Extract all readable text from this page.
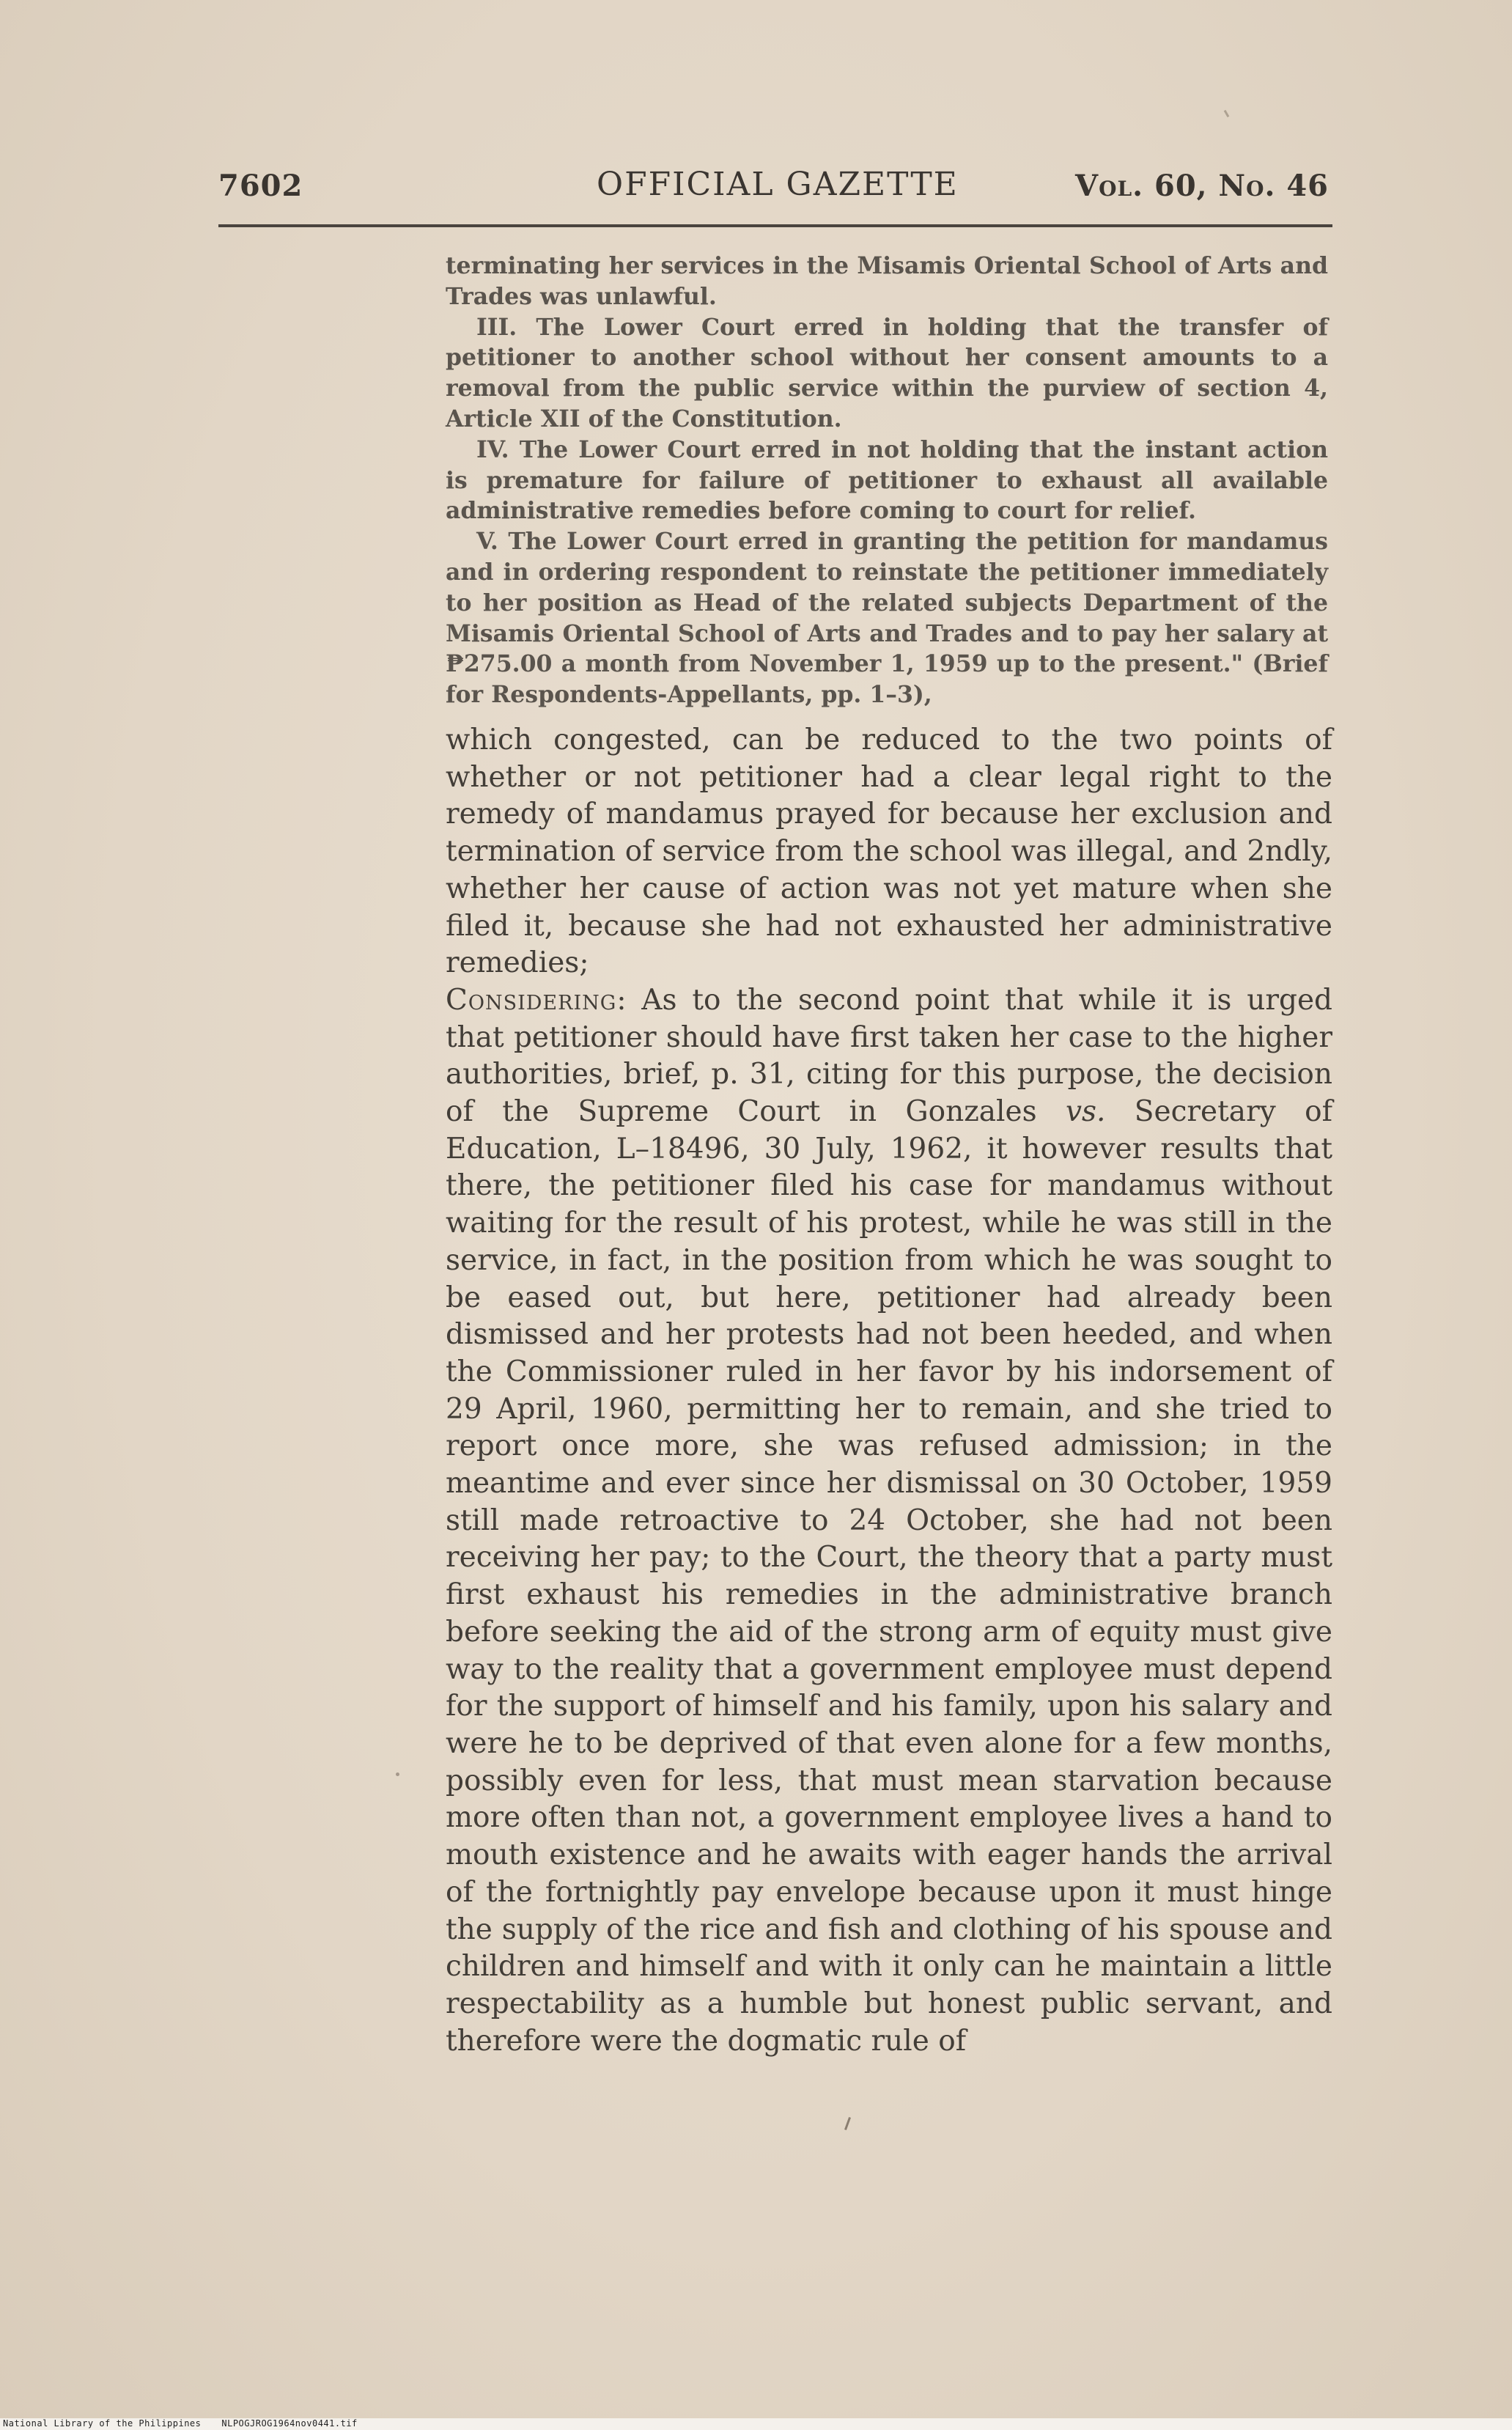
7602	OFFICIAL GAZETTE	Vol. 60, No. 46

terminating her services in the Misamis Oriental School of Arts and Trades was unlawful.

III. The Lower Court erred in holding that the transfer of petitioner to another school without her consent amounts to a removal from the public service within the purview of section 4, Article XII of the Constitution.

IV. The Lower Court erred in not holding that the instant action is premature for failure of petitioner to exhaust all available administrative remedies before coming to court for relief.

V. The Lower Court erred in granting the petition for mandamus and in ordering respondent to reinstate the petitioner immediately to her position as Head of the related subjects Department of the Misamis Oriental School of Arts and Trades and to pay her salary at ₱275.00 a month from November 1, 1959 up to the present." (Brief for Respondents-Appellants, pp. 1–3),

which congested, can be reduced to the two points of whether or not petitioner had a clear legal right to the remedy of mandamus prayed for because her exclusion and termination of service from the school was illegal, and 2ndly, whether her cause of action was not yet mature when she filed it, because she had not exhausted her administrative remedies;

Considering: As to the second point that while it is urged that petitioner should have first taken her case to the higher authorities, brief, p. 31, citing for this purpose, the decision of the Supreme Court in Gonzales vs. Secretary of Education, L–18496, 30 July, 1962, it however results that there, the petitioner filed his case for mandamus without waiting for the result of his protest, while he was still in the service, in fact, in the position from which he was sought to be eased out, but here, petitioner had already been dismissed and her protests had not been heeded, and when the Commissioner ruled in her favor by his indorsement of 29 April, 1960, permitting her to remain, and she tried to report once more, she was refused admission; in the meantime and ever since her dismissal on 30 October, 1959 still made retroactive to 24 October, she had not been receiving her pay; to the Court, the theory that a party must first exhaust his remedies in the administrative branch before seeking the aid of the strong arm of equity must give way to the reality that a government employee must depend for the support of himself and his family, upon his salary and were he to be deprived of that even alone for a few months, possibly even for less, that must mean starvation because more often than not, a government employee lives a hand to mouth existence and he awaits with eager hands the arrival of the fortnightly pay envelope because upon it must hinge the supply of the rice and fish and clothing of his spouse and children and himself and with it only can he maintain a little respectability as a humble but honest public servant, and therefore were the dogmatic rule of

National Library of the Philippines NLPOGJROG1964nov0441.tif
